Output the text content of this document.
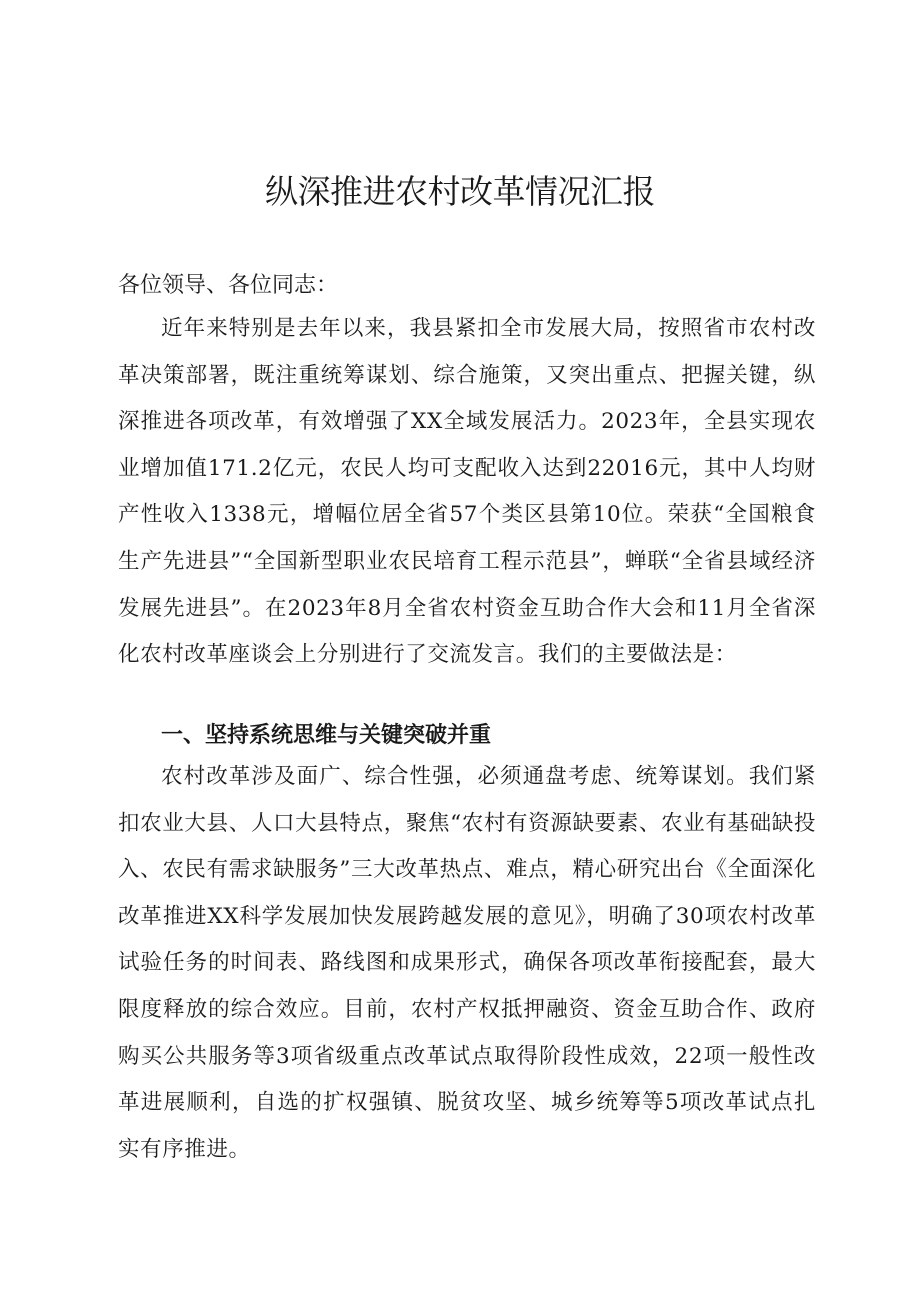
纵深推进农村改革情况汇报

各位领导、各位同志：

近年来特别是去年以来，我县紧扣全市发展大局，按照省市农村改革决策部署，既注重统筹谋划、综合施策，又突出重点、把握关键，纵深推进各项改革，有效增强了XX全域发展活力。2023年，全县实现农业增加值171.2亿元，农民人均可支配收入达到22016元，其中人均财产性收入1338元，增幅位居全省57个类区县第10位。荣获“全国粮食生产先进县”“全国新型职业农民培育工程示范县”，蝉联“全省县域经济发展先进县”。在2023年8月全省农村资金互助合作大会和11月全省深化农村改革座谈会上分别进行了交流发言。我们的主要做法是：

一、坚持系统思维与关键突破并重

农村改革涉及面广、综合性强，必须通盘考虑、统筹谋划。我们紧扣农业大县、人口大县特点，聚焦“农村有资源缺要素、农业有基础缺投入、农民有需求缺服务”三大改革热点、难点，精心研究出台《全面深化改革推进XX科学发展加快发展跨越发展的意见》，明确了30项农村改革试验任务的时间表、路线图和成果形式，确保各项改革衔接配套，最大限度释放的综合效应。目前，农村产权抵押融资、资金互助合作、政府购买公共服务等3项省级重点改革试点取得阶段性成效，22项一般性改革进展顺利，自选的扩权强镇、脱贫攻坚、城乡统筹等5项改革试点扎实有序推进。
